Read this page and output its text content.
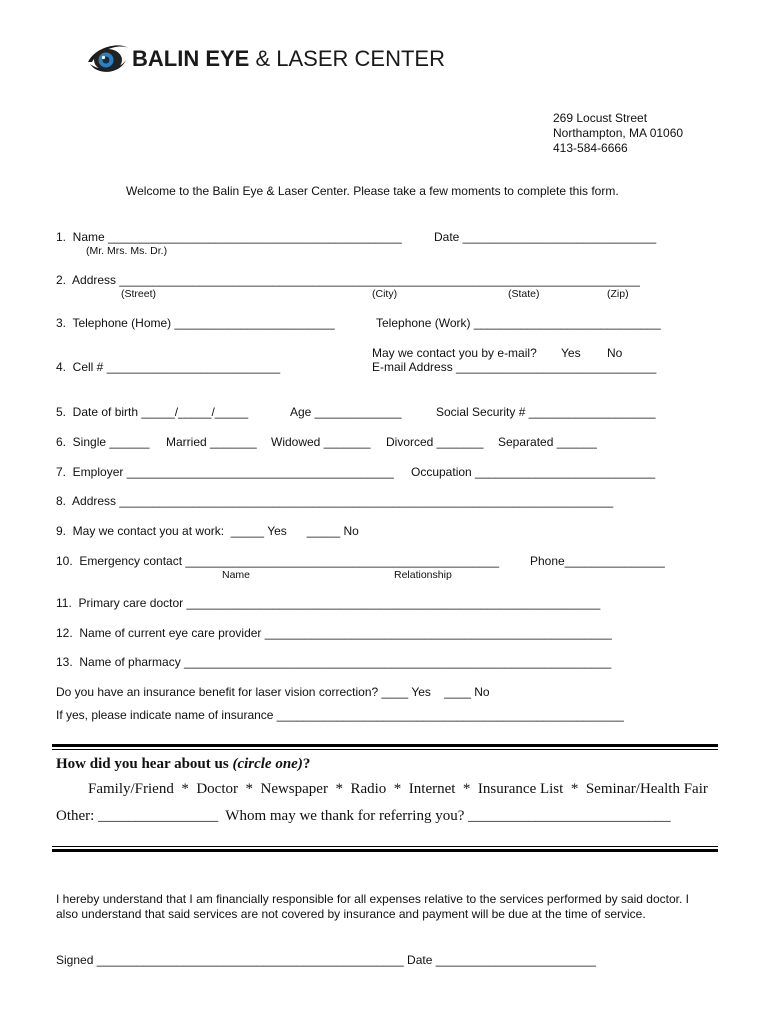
BALIN EYE & LASER CENTER
269 Locust Street
Northampton, MA 01060
413-584-6666
Welcome to the Balin Eye & Laser Center. Please take a few moments to complete this form.
1.  Name ____________________________________________	Date _____________________________
(Mr. Mrs. Ms. Dr.)
2.  Address ______________________________________________________________________________
(Street)	(City)	(State)	(Zip)
3.  Telephone (Home) ________________________	Telephone (Work) ____________________________
May we contact you by e-mail? Yes No
E-mail Address ______________________________
4.  Cell # __________________________
5.  Date of birth _____/_____/_____	Age _____________	Social Security # ___________________
6.  Single ______ Married _______ Widowed _______ Divorced _______ Separated ______
7.  Employer ________________________________________ Occupation ___________________________
8.  Address __________________________________________________________________________
9.  May we contact you at work:  _____ Yes      _____ No
10.  Emergency contact _______________________________________________	Phone_______________
Name	Relationship
11.  Primary care doctor ______________________________________________________________
12.  Name of current eye care provider ____________________________________________________
13.  Name of pharmacy ________________________________________________________________
Do you have an insurance benefit for laser vision correction? ____ Yes    ____ No
If yes, please indicate name of insurance ____________________________________________________
How did you hear about us (circle one)?
Family/Friend  *  Doctor  *  Newspaper  *  Radio  *  Internet  *  Insurance List  *  Seminar/Health Fair
Other: ________________  Whom may we thank for referring you? ___________________________
I hereby understand that I am financially responsible for all expenses relative to the services performed by said doctor. I also understand that said services are not covered by insurance and payment will be due at the time of service.
Signed ______________________________________________ Date ________________________
